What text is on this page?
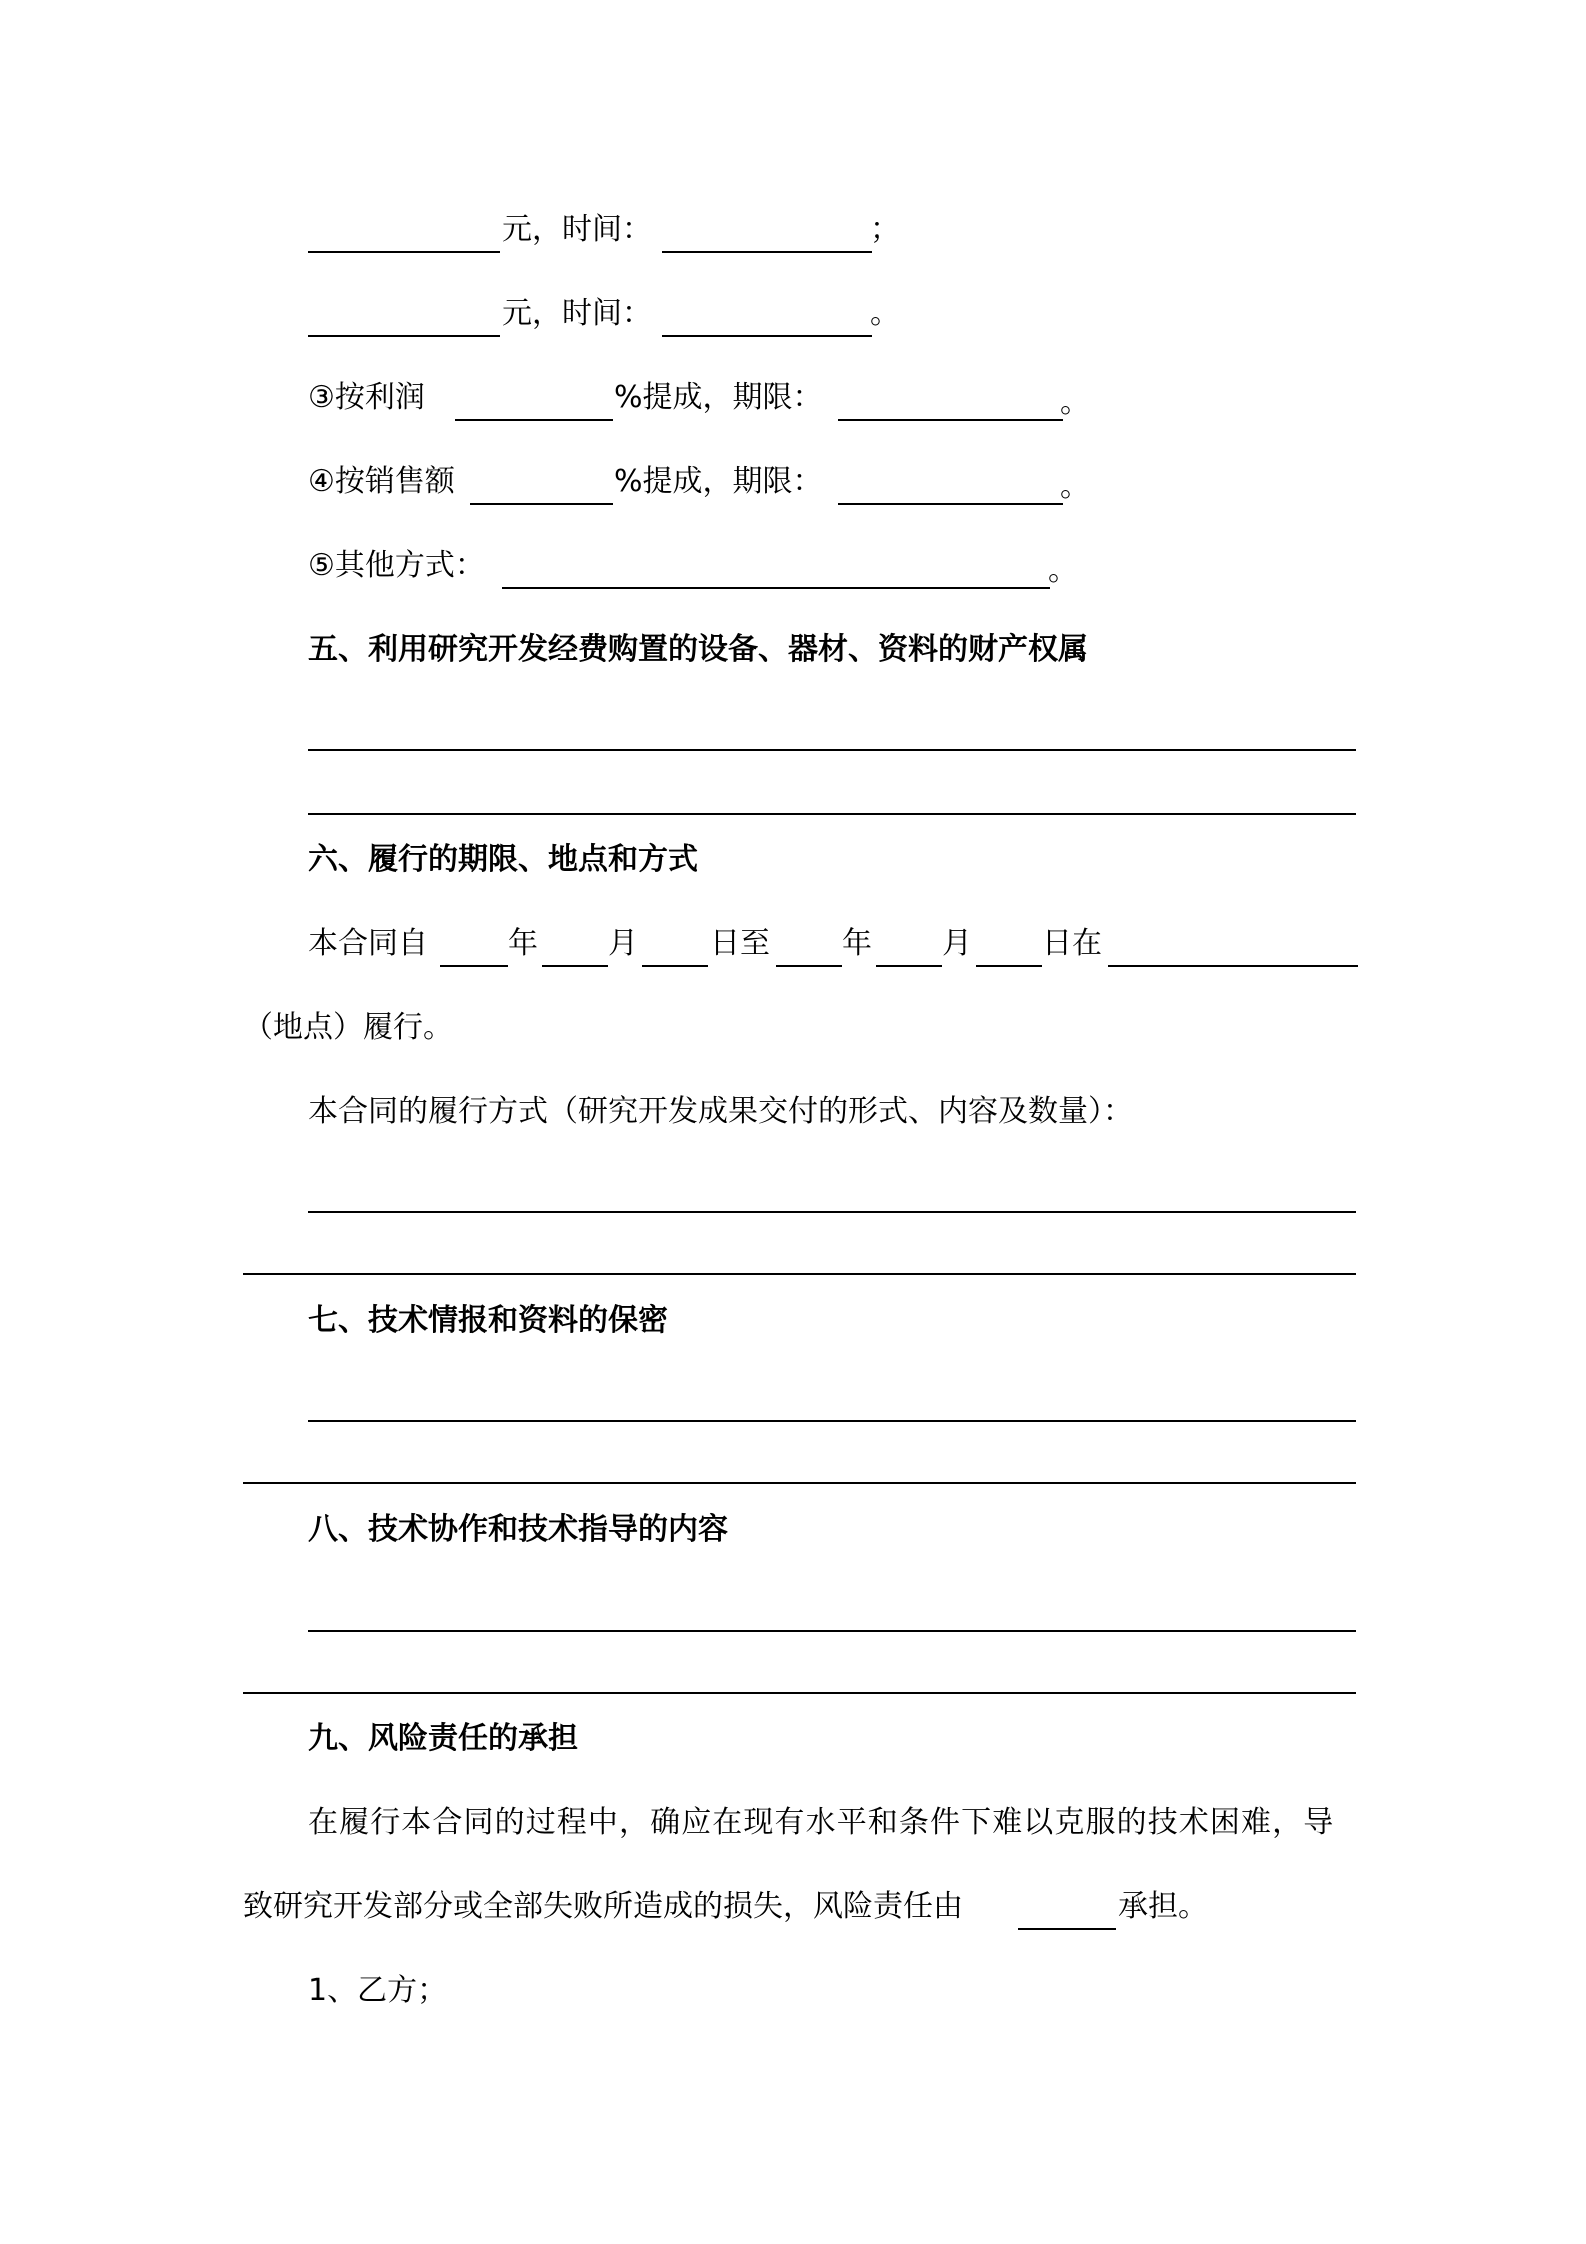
元，时间：	；
元，时间：	。
③按利润	%提成，期限：	。
④按销售额	%提成，期限：	。
⑤其他方式：	。
五、利用研究开发经费购置的设备、器材、资料的财产权属
六、履行的期限、地点和方式
本合同自	年 月 日至 年 月 日在
（地点）履行。
本合同的履行方式（研究开发成果交付的形式、内容及数量）：
七、技术情报和资料的保密
八、技术协作和技术指导的内容
九、风险责任的承担
在履行本合同的过程中，确应在现有水平和条件下难以克服的技术困难，导
致研究开发部分或全部失败所造成的损失，风险责任由	承担。
1、乙方；
